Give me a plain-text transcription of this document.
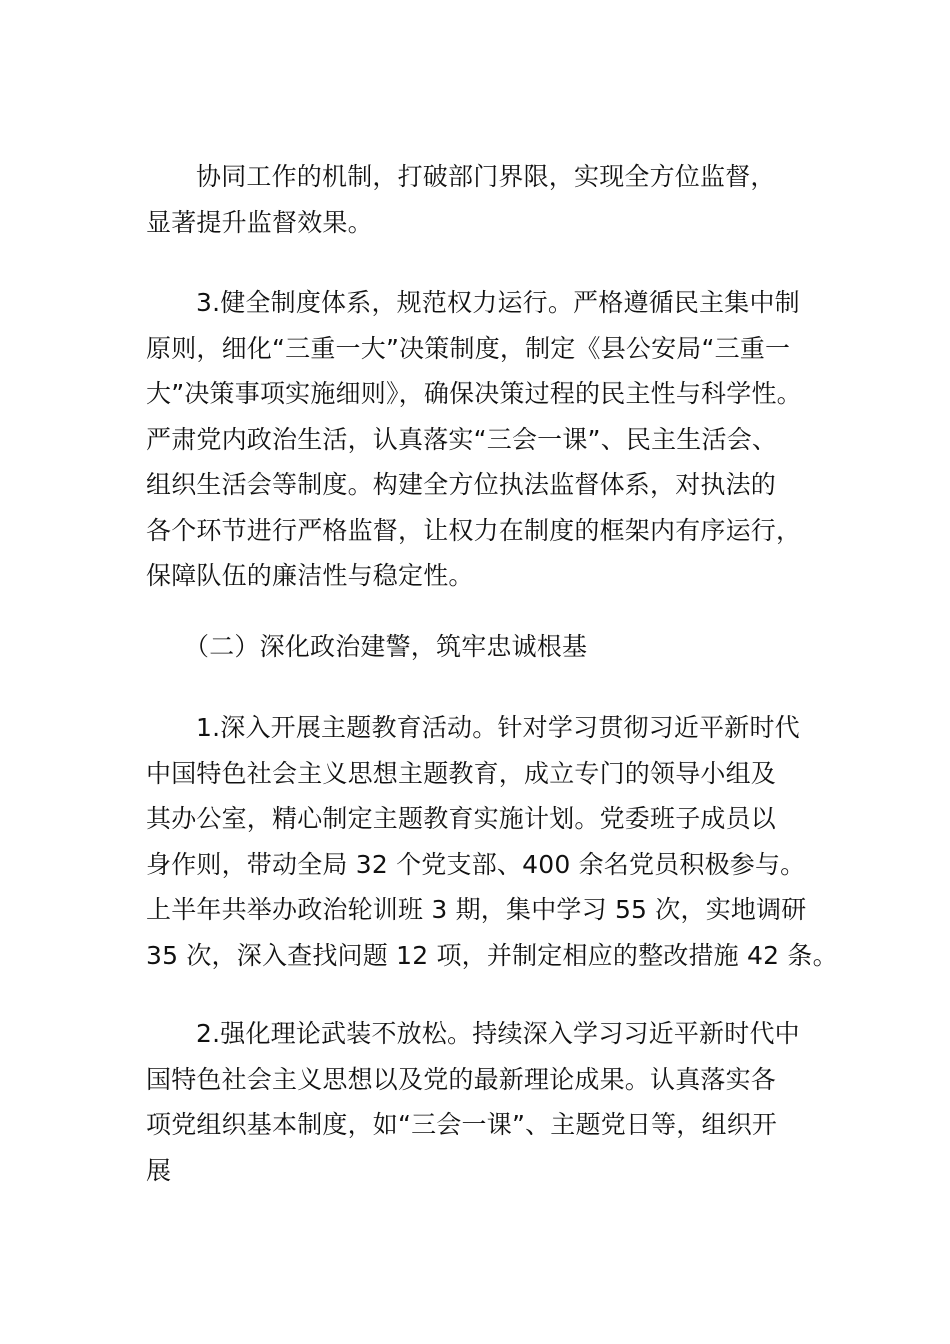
协同工作的机制，打破部门界限，实现全方位监督，
显著提升监督效果。
3.健全制度体系，规范权力运行。严格遵循民主集中制
原则，细化“三重一大”决策制度，制定《县公安局“三重一
大”决策事项实施细则》，确保决策过程的民主性与科学性。
严肃党内政治生活，认真落实“三会一课”、民主生活会、
组织生活会等制度。构建全方位执法监督体系，对执法的
各个环节进行严格监督，让权力在制度的框架内有序运行，
保障队伍的廉洁性与稳定性。
（二）深化政治建警，筑牢忠诚根基
1.深入开展主题教育活动。针对学习贯彻习近平新时代
中国特色社会主义思想主题教育，成立专门的领导小组及
其办公室，精心制定主题教育实施计划。党委班子成员以
身作则，带动全局 32 个党支部、400 余名党员积极参与。
上半年共举办政治轮训班 3 期，集中学习 55 次，实地调研
35 次，深入查找问题 12 项，并制定相应的整改措施 42 条。
2.强化理论武装不放松。持续深入学习习近平新时代中
国特色社会主义思想以及党的最新理论成果。认真落实各
项党组织基本制度，如“三会一课”、主题党日等，组织开
展
